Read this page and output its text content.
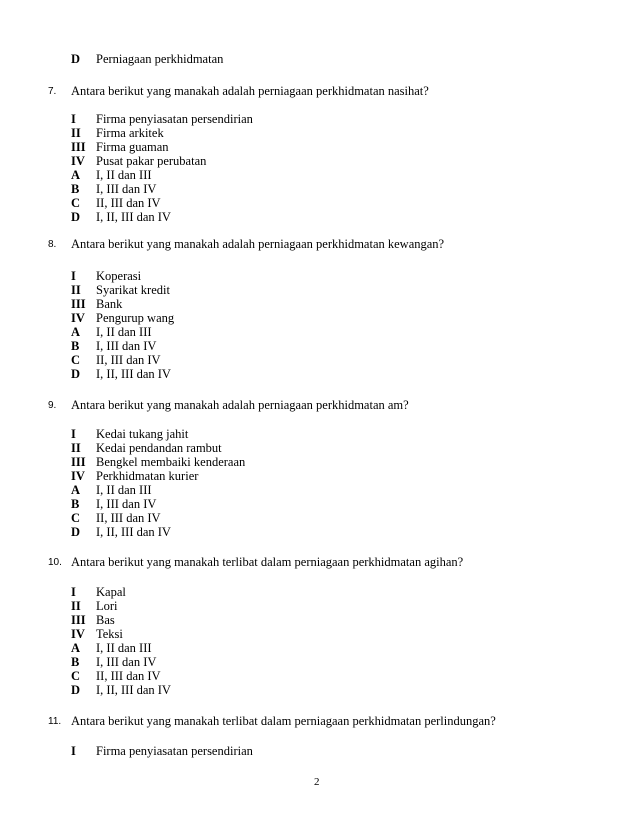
D Perniagaan perkhidmatan
7. Antara berikut yang manakah adalah perniagaan perkhidmatan nasihat?
I Firma penyiasatan persendirian
II Firma arkitek
III Firma guaman
IV Pusat pakar perubatan
A I, II dan III
B I, III dan IV
C II, III dan IV
D I, II, III dan IV
8. Antara berikut yang manakah adalah perniagaan perkhidmatan kewangan?
I Koperasi
II Syarikat kredit
III Bank
IV Pengurup wang
A I, II dan III
B I, III dan IV
C II, III dan IV
D I, II, III dan IV
9. Antara berikut yang manakah adalah perniagaan perkhidmatan am?
I Kedai tukang jahit
II Kedai pendandan rambut
III Bengkel membaiki kenderaan
IV Perkhidmatan kurier
A I, II dan III
B I, III dan IV
C II, III dan IV
D I, II, III dan IV
10. Antara berikut yang manakah terlibat dalam perniagaan perkhidmatan agihan?
I Kapal
II Lori
III Bas
IV Teksi
A I, II dan III
B I, III dan IV
C II, III dan IV
D I, II, III dan IV
11. Antara berikut yang manakah terlibat dalam perniagaan perkhidmatan perlindungan?
I Firma penyiasatan persendirian
2
